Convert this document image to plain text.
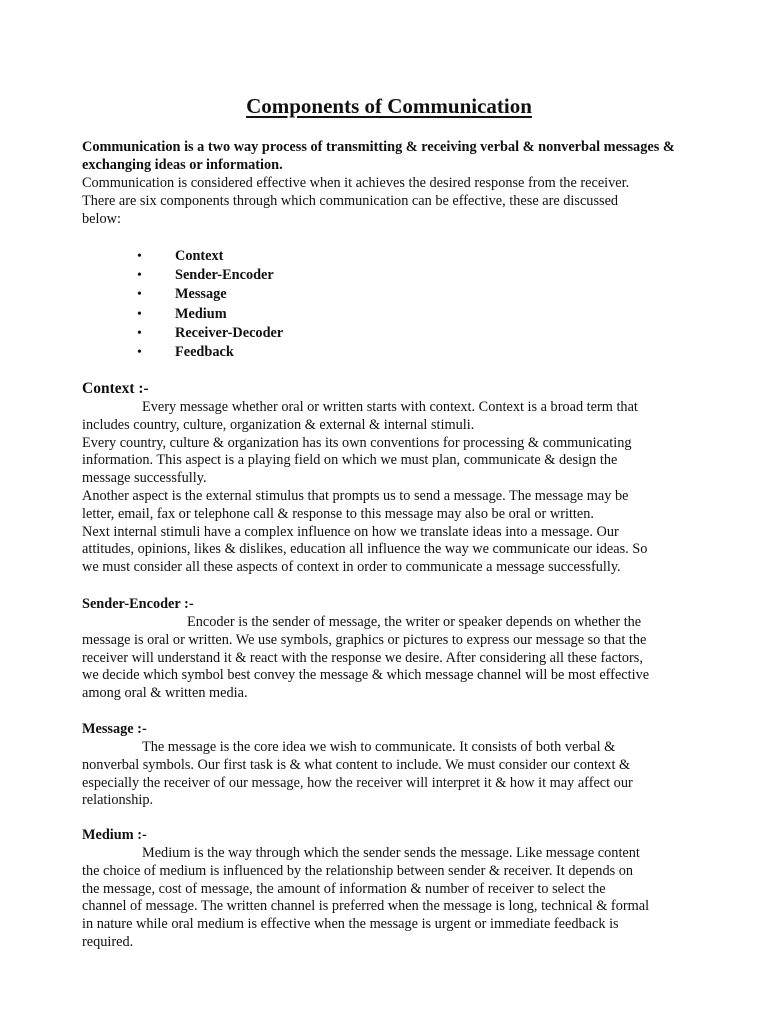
Components of Communication

Communication is a two way process of transmitting & receiving verbal & nonverbal messages & exchanging ideas or information.

Communication is considered effective when it achieves the desired response from the receiver.
There are six components through which communication can be effective, these are discussed
below:
• Context
• Sender-Encoder
• Message
• Medium
• Receiver-Decoder
• Feedback
Context :-
Every message whether oral or written starts with context. Context is a broad term that
includes country, culture, organization & external & internal stimuli.
Every country, culture & organization has its own conventions for processing & communicating
information. This aspect is a playing field on which we must plan, communicate & design the
message successfully.
Another aspect is the external stimulus that prompts us to send a message. The message may be
letter, email, fax or telephone call & response to this message may also be oral or written.
Next internal stimuli have a complex influence on how we translate ideas into a message. Our
attitudes, opinions, likes & dislikes, education all influence the way we communicate our ideas. So
we must consider all these aspects of context in order to communicate a message successfully.
Sender-Encoder :-
Encoder is the sender of message, the writer or speaker depends on whether the
message is oral or written. We use symbols, graphics or pictures to express our message so that the
receiver will understand it & react with the response we desire. After considering all these factors,
we decide which symbol best convey the message & which message channel will be most effective
among oral & written media.
Message :-
The message is the core idea we wish to communicate. It consists of both verbal &
nonverbal symbols. Our first task is & what content to include. We must consider our context &
especially the receiver of our message, how the receiver will interpret it & how it may affect our
relationship.
Medium :-
Medium is the way through which the sender sends the message. Like message content
the choice of medium is influenced by the relationship between sender & receiver. It depends on
the message, cost of message, the amount of information & number of receiver to select the
channel of message. The written channel is preferred when the message is long, technical & formal
in nature while oral medium is effective when the message is urgent or immediate feedback is
required.
